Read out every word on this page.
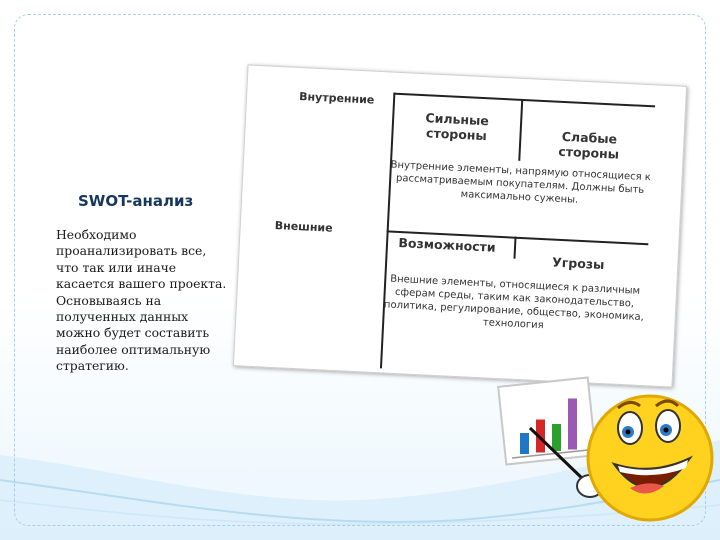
SWOT-анализ
Необходимо проанализировать все, что так или иначе касается вашего проекта. Основываясь на полученных данных можно будет составить наиболее оптимальную стратегию.
Внутренние
Внешние
Сильные стороны	Слабые стороны
Внутренние элементы, напрямую относящиеся к рассматриваемым покупателям. Должны быть максимально сужены.
Возможности
Угрозы
Внешние элементы, относящиеся к различным сферам среды, таким как законодательство, политика, регулирование, общество, экономика, технология
